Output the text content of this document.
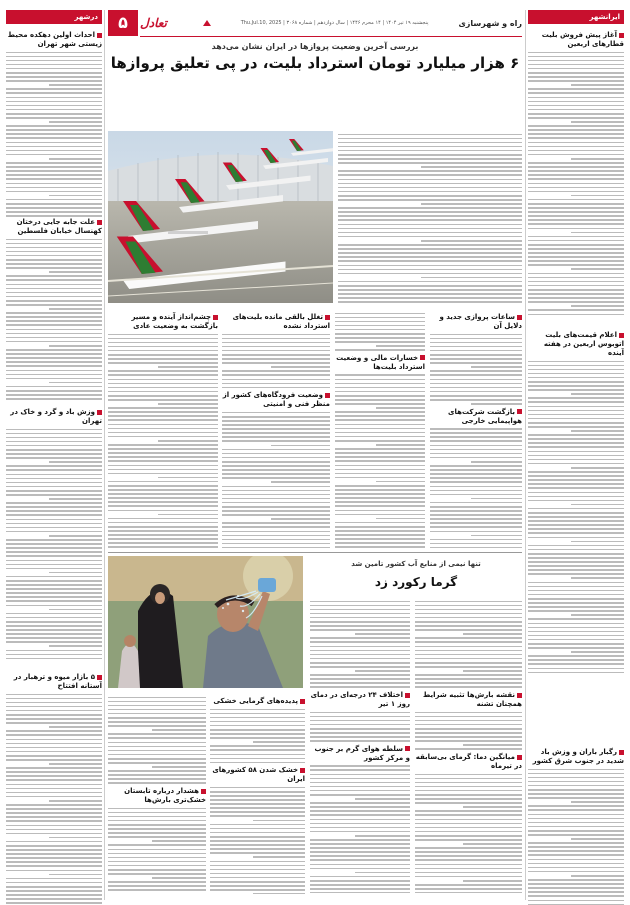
ایرانشهر
آغاز پیش فروش بلیت قطارهای اربعین
اعلام قیمت‌های بلیت اتوبوس اربعین در هفته آینده
رگبار باران و وزش باد شدید در جنوب شرق کشور
درشهر
احداث اولین دهکده محیط زیستی شهر تهران
علت جابه جایی درختان کهنسال خیابان فلسطین
وزش باد و گرد و خاک در تهران
۵ بازار میوه و ترهبار در آستانه افتتاح
۵	تعادل	راه و شهرسازی
پنجشنبه ۱۹ تیر ۱۴۰۴ | ۱۴ محرم ۱۴۴۶ | سال دوازدهم | شماره ۳۰۶۸ | Thu.Jul.10, 2025
بررسی آخرین وضعیت پروازها در ایران نشان می‌دهد
۶ هزار میلیارد تومان استرداد بلیت، در پی تعلیق پروازها
ساعات پروازی جدید و دلایل آن
بازگشت شرکت‌های هواپیمایی خارجی
خسارات مالی و وضعیت استرداد بلیت‌ها
تغلل بالقی مانده بلیت‌های استرداد نشده
وضعیت فرودگاه‌های کشور از منظر فنی و امنیتی
چشم‌انداز آینده و مسیر بازگشت به وضعیت عادی
تنها نیمی از منابع آب کشور تامین شد
گرما رکورد زد
اختلاف ۲۴ درجه‌ای در دمای روز ۱ تیر
سلطه هوای گرم بر جنوب و مرکز کشور
نقشه بارش‌ها تثبیه شرایط همچنان تشنه
میانگین دما: گرمای بی‌سابقه در تیرماه
پدیده‌های گرمایی خشکی
خشک شدن ۵۸ کشورهای ایران
هشدار درباره تابستان خشک‌تری بارش‌ها
